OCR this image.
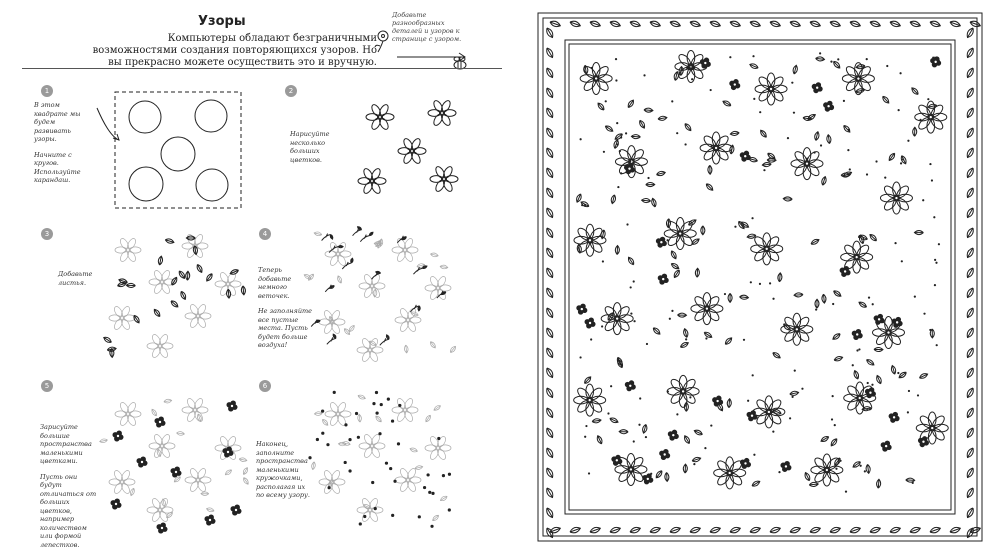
Узоры
Компьютеры обладают безграничными возможностями создания повторяющихся узоров. Но вы прекрасно можете осуществить это и вручную.
Добавьте разнообразных деталей и узоров к странице с узором.
1

В этом квадрате мы будем развивать узоры.

Начните с кругов. Используйте карандаш.

2

Нарисуйте несколько больших цветков.

3

Добавьте листья.

4

Теперь добавьте немного веточек.

Не заполняйте все пустые места. Пусть будет больше воздуха!

5

Зарисуйте большие пространства маленькими цветками.

Пусть они будут отличаться от больших цветков, например количеством или формой лепестков.

6

Наконец, заполните пространства маленькими кружочками, располагая их по всему узору.
